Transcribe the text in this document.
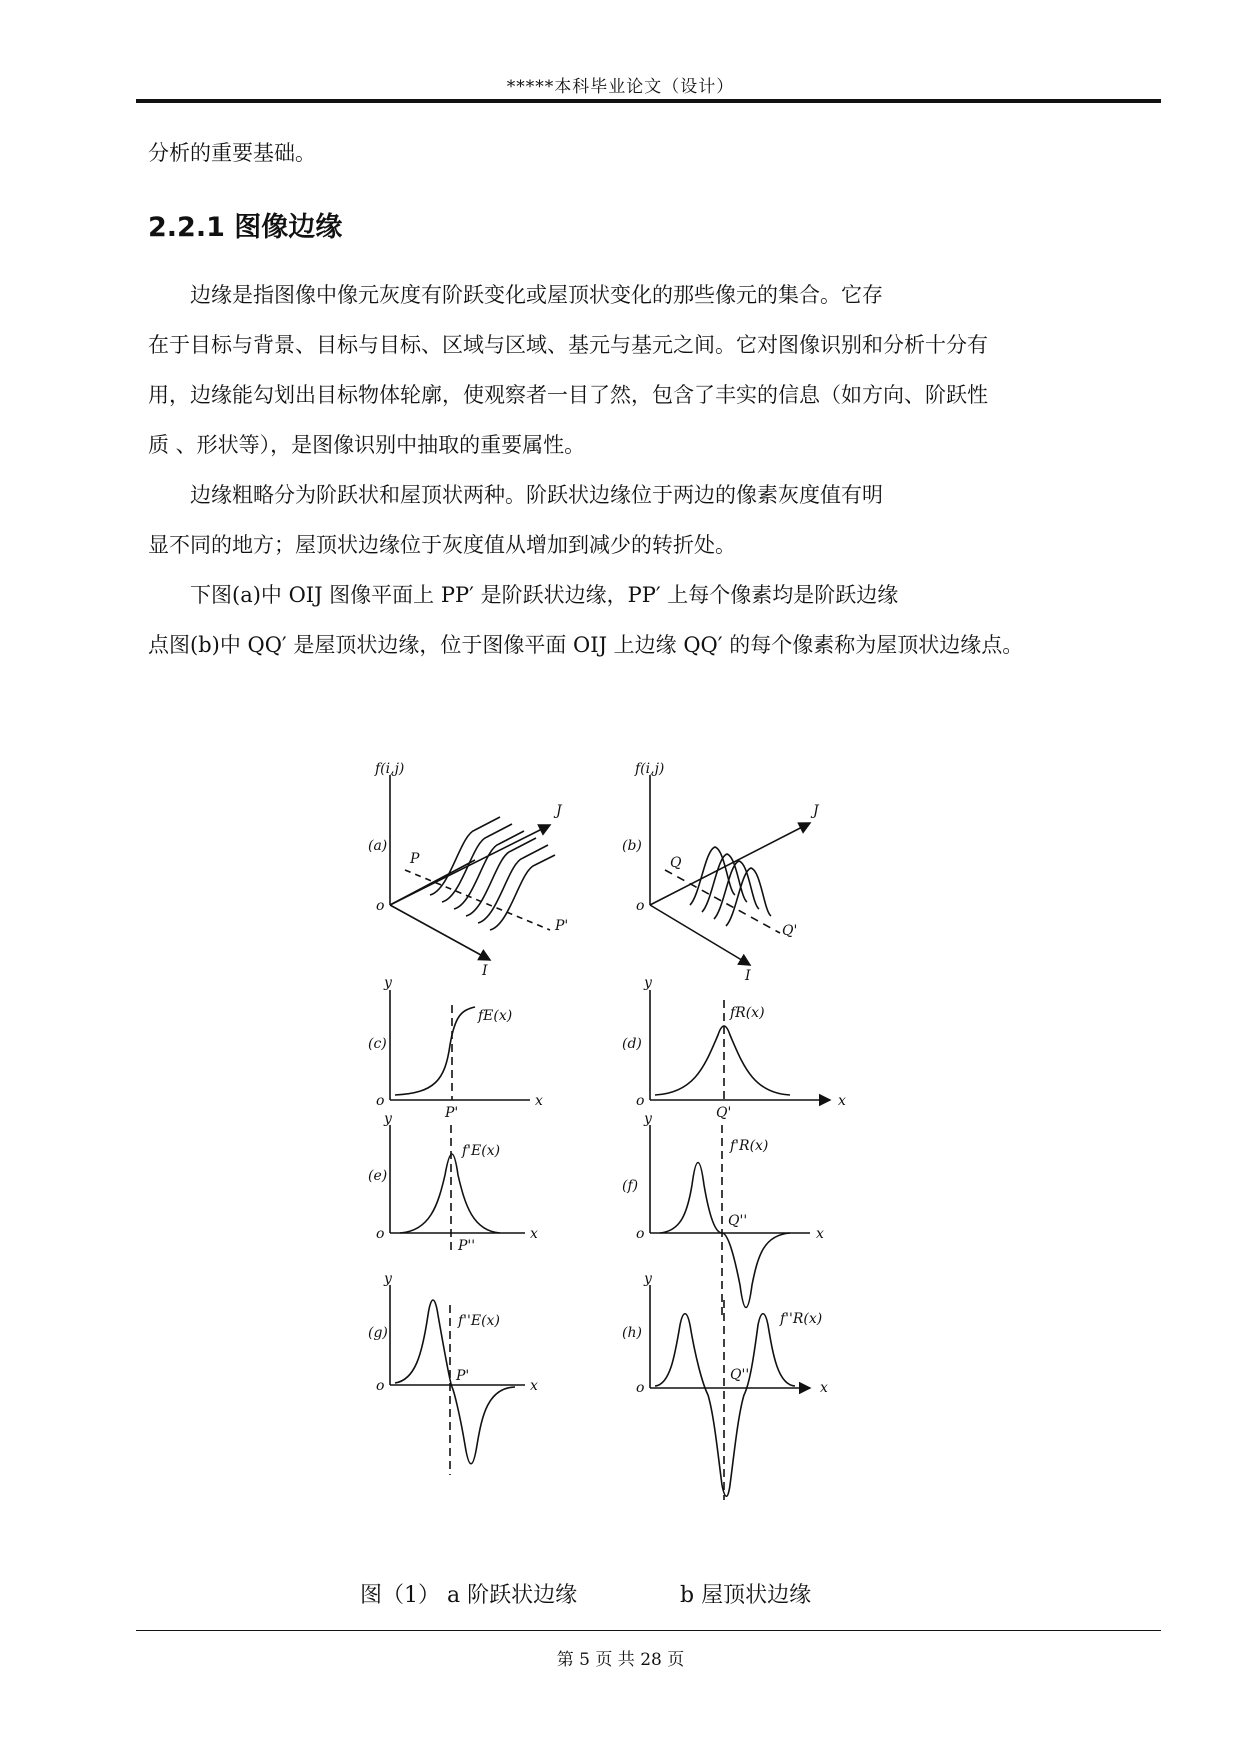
*****本科毕业论文（设计）
分析的重要基础。
2.2.1 图像边缘
边缘是指图像中像元灰度有阶跃变化或屋顶状变化的那些像元的集合。它存
在于目标与背景、目标与目标、区域与区域、基元与基元之间。它对图像识别和分析十分有
用，边缘能勾划出目标物体轮廓，使观察者一目了然，包含了丰实的信息（如方向、阶跃性
质 、形状等），是图像识别中抽取的重要属性。
边缘粗略分为阶跃状和屋顶状两种。阶跃状边缘位于两边的像素灰度值有明
显不同的地方；屋顶状边缘位于灰度值从增加到减少的转折处。
下图(a)中 OIJ 图像平面上 PP′ 是阶跃状边缘，PP′ 上每个像素均是阶跃边缘
点图(b)中 QQ′ 是屋顶状边缘，位于图像平面 OIJ 上边缘 QQ′ 的每个像素称为屋顶状边缘点。
(a)
f(i,j)
J
I
o
P
P'
(b)
f(i,j)
J
I
o
Q
Q'
(c)
y
x
o
fE(x)
P'
(d)
y
x
o
fR(x)
Q'
(e)
y
x
o
f'E(x)
P''
(f)
y
x
o
f'R(x)
Q''
(g)
y
x
o
f''E(x)
P'
(h)
y
x
o
f''R(x)
Q''
图（1） a 阶跃状边缘	b 屋顶状边缘
第 5 页 共 28 页
